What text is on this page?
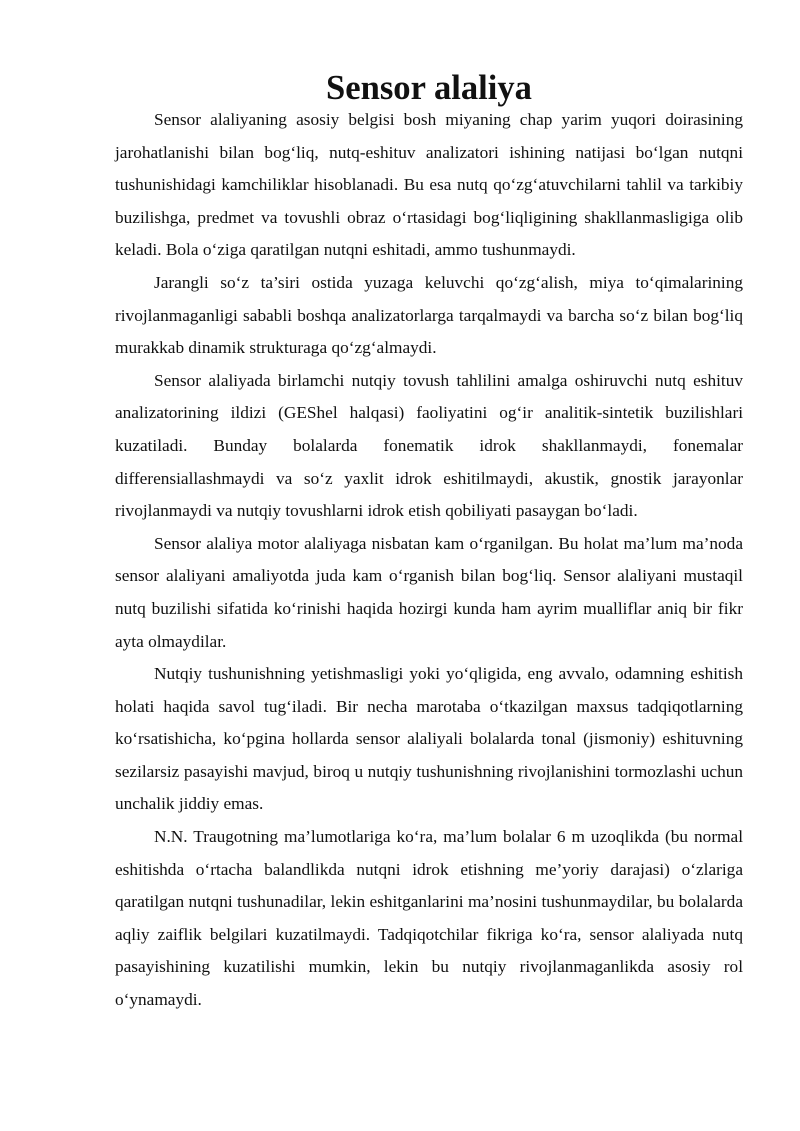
Sensor alaliya

Sensor alaliyaning asosiy belgisi bosh miyaning chap yarim yuqori doirasining jarohatlanishi bilan bog‘liq, nutq-eshituv analizatori ishining natijasi bo‘lgan nutqni tushunishidagi kamchiliklar hisoblanadi. Bu esa nutq qo‘zg‘atuvchilarni tahlil va tarkibiy buzilishga, predmet va tovushli obraz o‘rtasidagi bog‘liqligining shakllanmasligiga olib keladi. Bola o‘ziga qaratilgan nutqni eshitadi, ammo tushunmaydi.

Jarangli so‘z ta’siri ostida yuzaga keluvchi qo‘zg‘alish, miya to‘qimalarining rivojlanmaganligi sababli boshqa analizatorlarga tarqalmaydi va barcha so‘z bilan bog‘liq murakkab dinamik strukturaga qo‘zg‘almaydi.

Sensor alaliyada birlamchi nutqiy tovush tahlilini amalga oshiruvchi nutq eshituv analizatorining ildizi (GEShel halqasi) faoliyatini og‘ir analitik-sintetik buzilishlari kuzatiladi. Bunday bolalarda fonematik idrok shakllanmaydi, fonemalar differensiallashmaydi va so‘z yaxlit idrok eshitilmaydi, akustik, gnostik jarayonlar rivojlanmaydi va nutqiy tovushlarni idrok etish qobiliyati pasaygan bo‘ladi.

Sensor alaliya motor alaliyaga nisbatan kam o‘rganilgan. Bu holat ma’lum ma’noda sensor alaliyani amaliyotda juda kam o‘rganish bilan bog‘liq. Sensor alaliyani mustaqil nutq buzilishi sifatida ko‘rinishi haqida hozirgi kunda ham ayrim mualliflar aniq bir fikr ayta olmaydilar.

Nutqiy tushunishning yetishmasligi yoki yo‘qligida, eng avvalo, odamning eshitish holati haqida savol tug‘iladi. Bir necha marotaba o‘tkazilgan maxsus tadqiqotlarning ko‘rsatishicha, ko‘pgina hollarda sensor alaliyali bolalarda tonal (jismoniy) eshituvning sezilarsiz pasayishi mavjud, biroq u nutqiy tushunishning rivojlanishini tormozlashi uchun unchalik jiddiy emas.

N.N. Traugotning ma’lumotlariga ko‘ra, ma’lum bolalar 6 m uzoqlikda (bu normal eshitishda o‘rtacha balandlikda nutqni idrok etishning me’yoriy darajasi) o‘zlariga qaratilgan nutqni tushunadilar, lekin eshitganlarini ma’nosini tushunmaydilar, bu bolalarda aqliy zaiflik belgilari kuzatilmaydi. Tadqiqotchilar fikriga ko‘ra, sensor alaliyada nutq pasayishining kuzatilishi mumkin, lekin bu nutqiy rivojlanmaganlikda asosiy rol o‘ynamaydi.
